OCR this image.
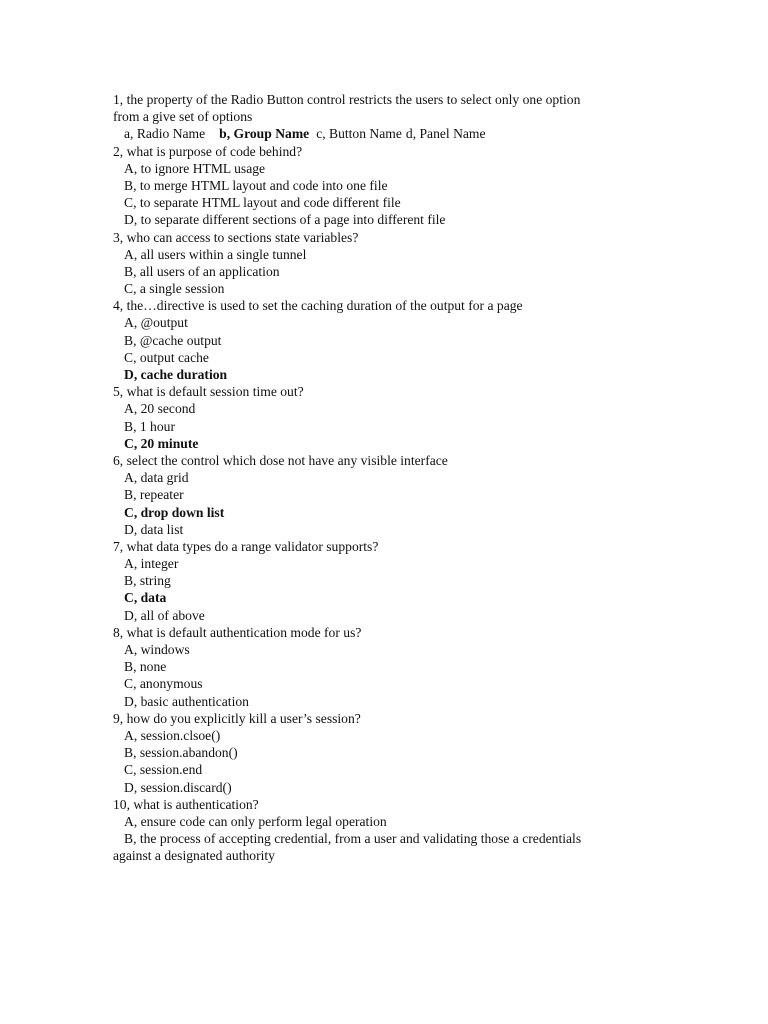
1, the property of the Radio Button control restricts the users to select only one option
from a give set of options
a, Radio Name b, Group Name c, Button Name d, Panel Name
2, what is purpose of code behind?
A, to ignore HTML usage
B, to merge HTML layout and code into one file
C, to separate HTML layout and code different file
D, to separate different sections of a page into different file
3, who can access to sections state variables?
A, all users within a single tunnel
B, all users of an application
C, a single session
4, the…directive is used to set the caching duration of the output for a page
A, @output
B, @cache output
C, output cache
D, cache duration
5, what is default session time out?
A, 20 second
B, 1 hour
C, 20 minute
6, select the control which dose not have any visible interface
A, data grid
B, repeater
C, drop down list
D, data list
7, what data types do a range validator supports?
A, integer
B, string
C, data
D, all of above
8, what is default authentication mode for us?
A, windows
B, none
C, anonymous
D, basic authentication
9, how do you explicitly kill a user’s session?
A, session.clsoe()
B, session.abandon()
C, session.end
D, session.discard()
10, what is authentication?
A, ensure code can only perform legal operation
B, the process of accepting credential, from a user and validating those a credentials
against a designated authority
